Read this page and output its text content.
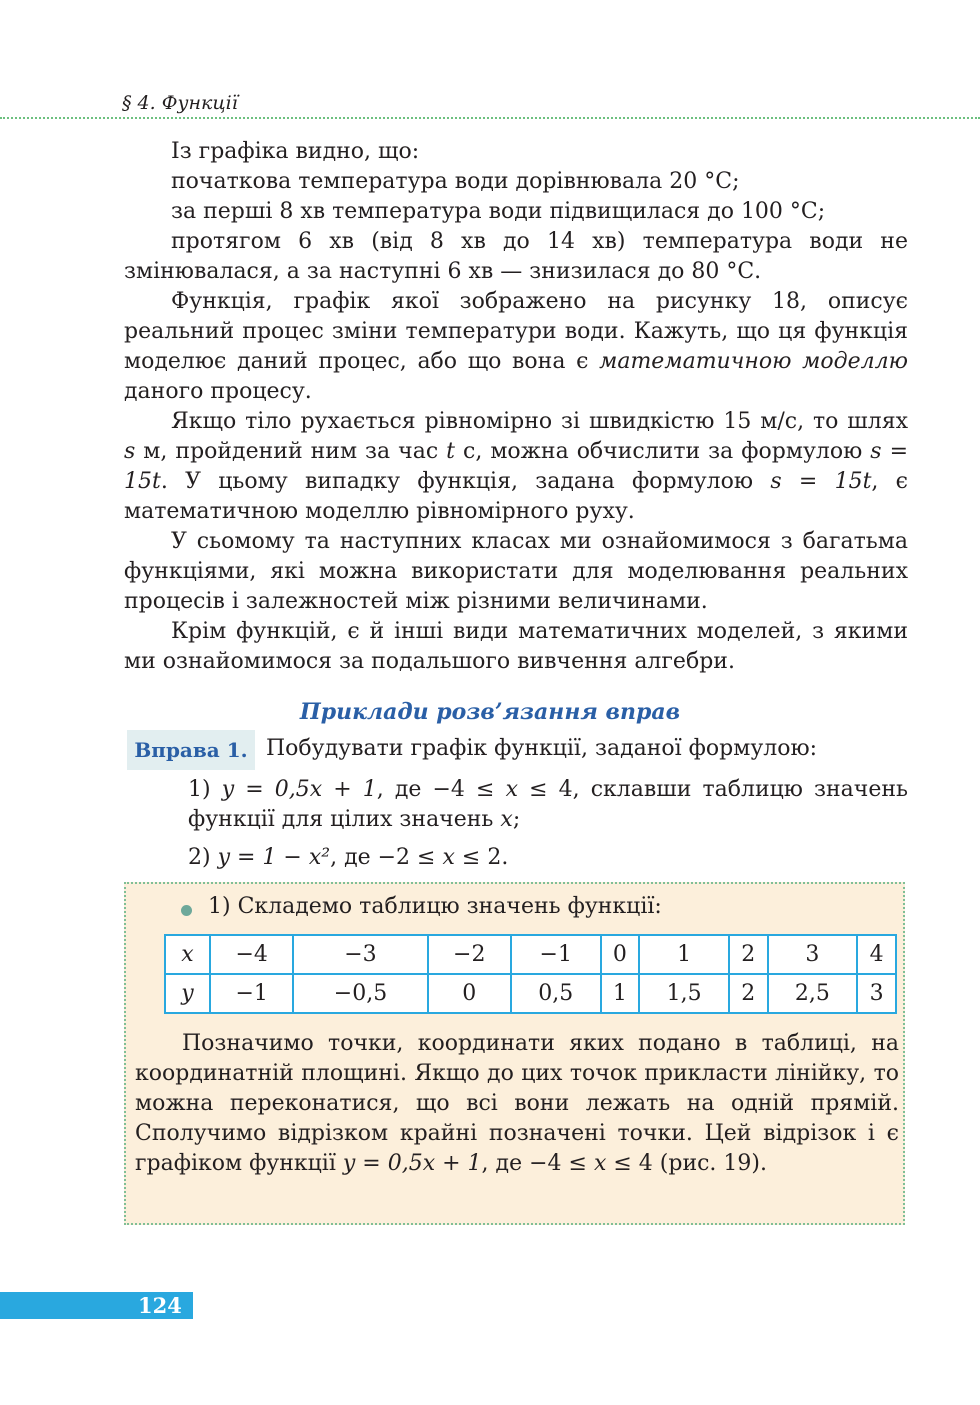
§ 4. Функції

Із графіка видно, що:

початкова температура води дорівнювала 20 °С;

за перші 8 хв температура води підвищилася до 100 °С;

протягом 6 хв (від 8 хв до 14 хв) температура води не змінювалася, а за наступні 6 хв — знизилася до 80 °С.

Функція, графік якої зображено на рисунку 18, описує реальний процес зміни температури води. Кажуть, що ця функція моделює даний процес, або що вона є математичною моделлю даного процесу.

Якщо тіло рухається рівномірно зі швидкістю 15 м/с, то шлях s м, пройдений ним за час t с, можна обчислити за формулою s = 15t. У цьому випадку функція, задана формулою s = 15t, є математичною моделлю рівномірного руху.

У сьомому та наступних класах ми ознайомимося з багатьма функціями, які можна використати для моделювання реальних процесів і залежностей між різними величинами.

Крім функцій, є й інші види математичних моделей, з якими ми ознайомимося за подальшого вивчення алгебри.

Приклади розв’язання вправ
Вправа 1. Побудувати графік функції, заданої формулою:

1) y = 0,5x + 1, де −4 ≤ x ≤ 4, склавши таблицю значень функції для цілих значень x;

2) y = 1 − x², де −2 ≤ x ≤ 2.

1) Складемо таблицю значень функції:
x	−4	−3	−2	−1	0	1	2	3	4
y	−1	−0,5	0	0,5	1	1,5	2	2,5	3

Позначимо точки, координати яких подано в таблиці, на координатній площині. Якщо до цих точок прикласти лінійку, то можна переконатися, що всі вони лежать на одній прямій. Сполучимо відрізком крайні позначені точки. Цей відрізок і є графіком функції y = 0,5x + 1, де −4 ≤ x ≤ 4 (рис. 19).

124
